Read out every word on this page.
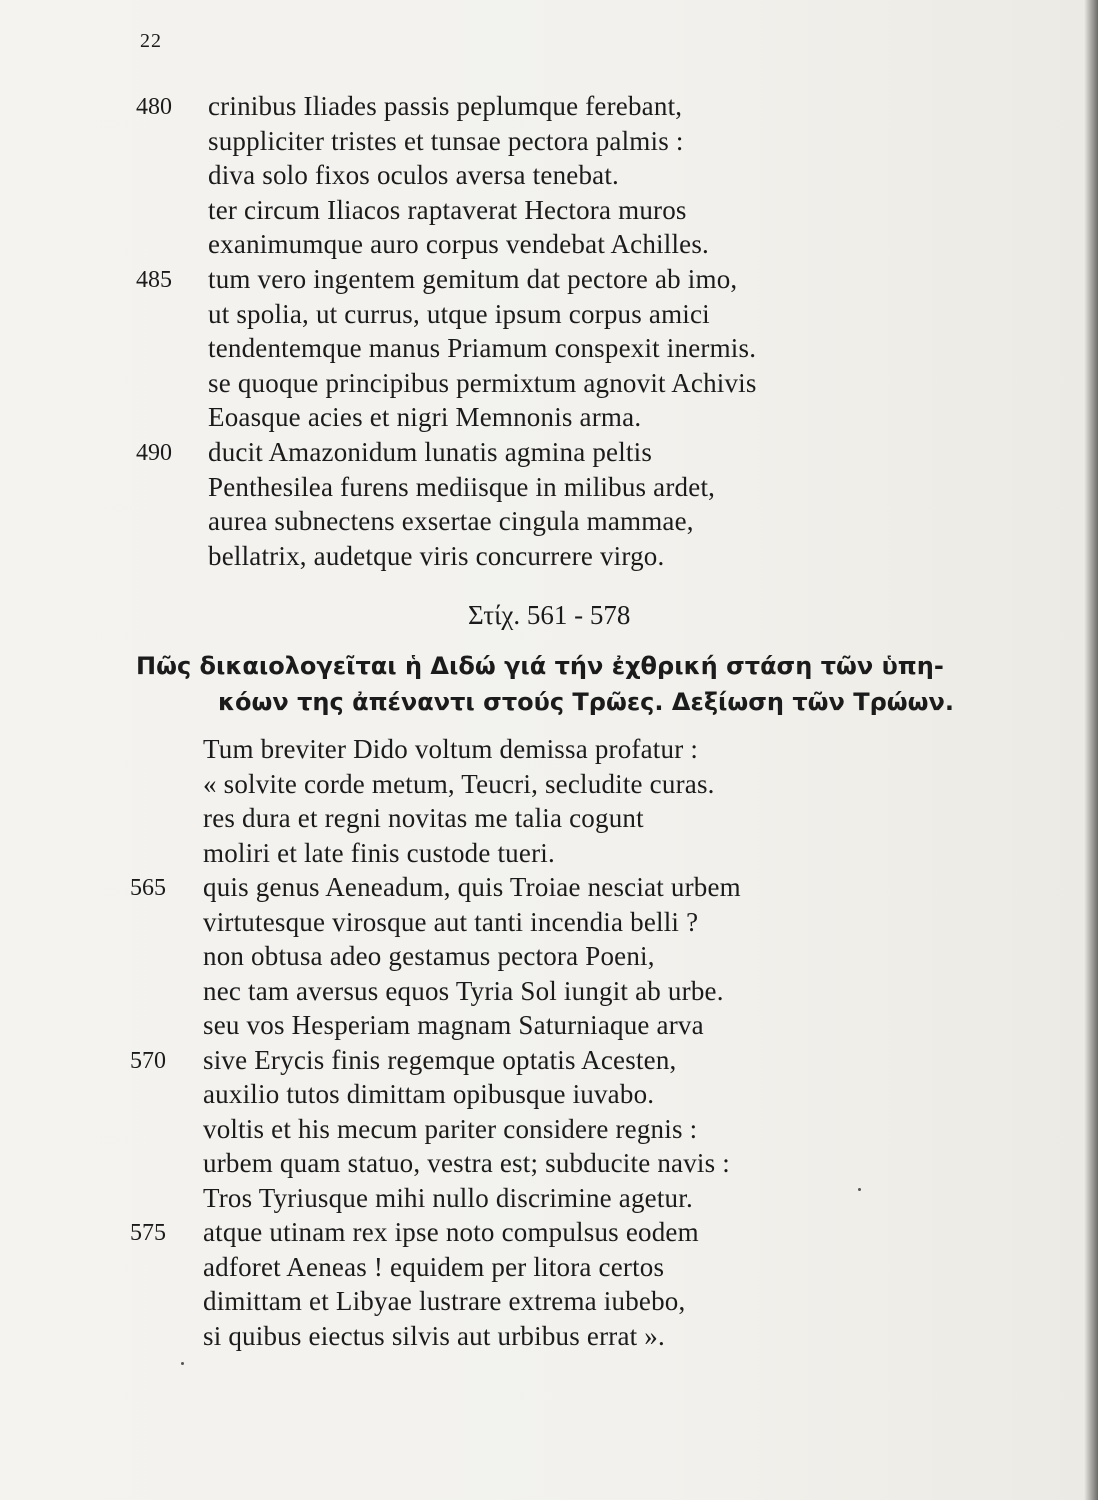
22
480 crinibus Iliades passis peplumque ferebant,
suppliciter tristes et tunsae pectora palmis :
diva solo fixos oculos aversa tenebat.
ter circum Iliacos raptaverat Hectora muros
exanimumque auro corpus vendebat Achilles.
485 tum vero ingentem gemitum dat pectore ab imo,
ut spolia, ut currus, utque ipsum corpus amici
tendentemque manus Priamum conspexit inermis.
se quoque principibus permixtum agnovit Achivis
Eoasque acies et nigri Memnonis arma.
490 ducit Amazonidum lunatis agmina peltis
Penthesilea furens mediisque in milibus ardet,
aurea subnectens exsertae cingula mammae,
bellatrix, audetque viris concurrere virgo.
Στίχ. 561 - 578
Πῶς δικαιολογεῖται ἡ Διδώ γιά τήν ἐχθρική στάση τῶν ὑπη-
κόων της ἀπέναντι στούς Τρῶες. Δεξίωση τῶν Τρώων.
Tum breviter Dido voltum demissa profatur :
« solvite corde metum, Teucri, secludite curas.
res dura et regni novitas me talia cogunt
moliri et late finis custode tueri.
565 quis genus Aeneadum, quis Troiae nesciat urbem
virtutesque virosque aut tanti incendia belli ?
non obtusa adeo gestamus pectora Poeni,
nec tam aversus equos Tyria Sol iungit ab urbe.
seu vos Hesperiam magnam Saturniaque arva
570 sive Erycis finis regemque optatis Acesten,
auxilio tutos dimittam opibusque iuvabo.
voltis et his mecum pariter considere regnis :
urbem quam statuo, vestra est; subducite navis :
Tros Tyriusque mihi nullo discrimine agetur.
575 atque utinam rex ipse noto compulsus eodem
adforet Aeneas ! equidem per litora certos
dimittam et Libyae lustrare extrema iubebo,
si quibus eiectus silvis aut urbibus errat ».
